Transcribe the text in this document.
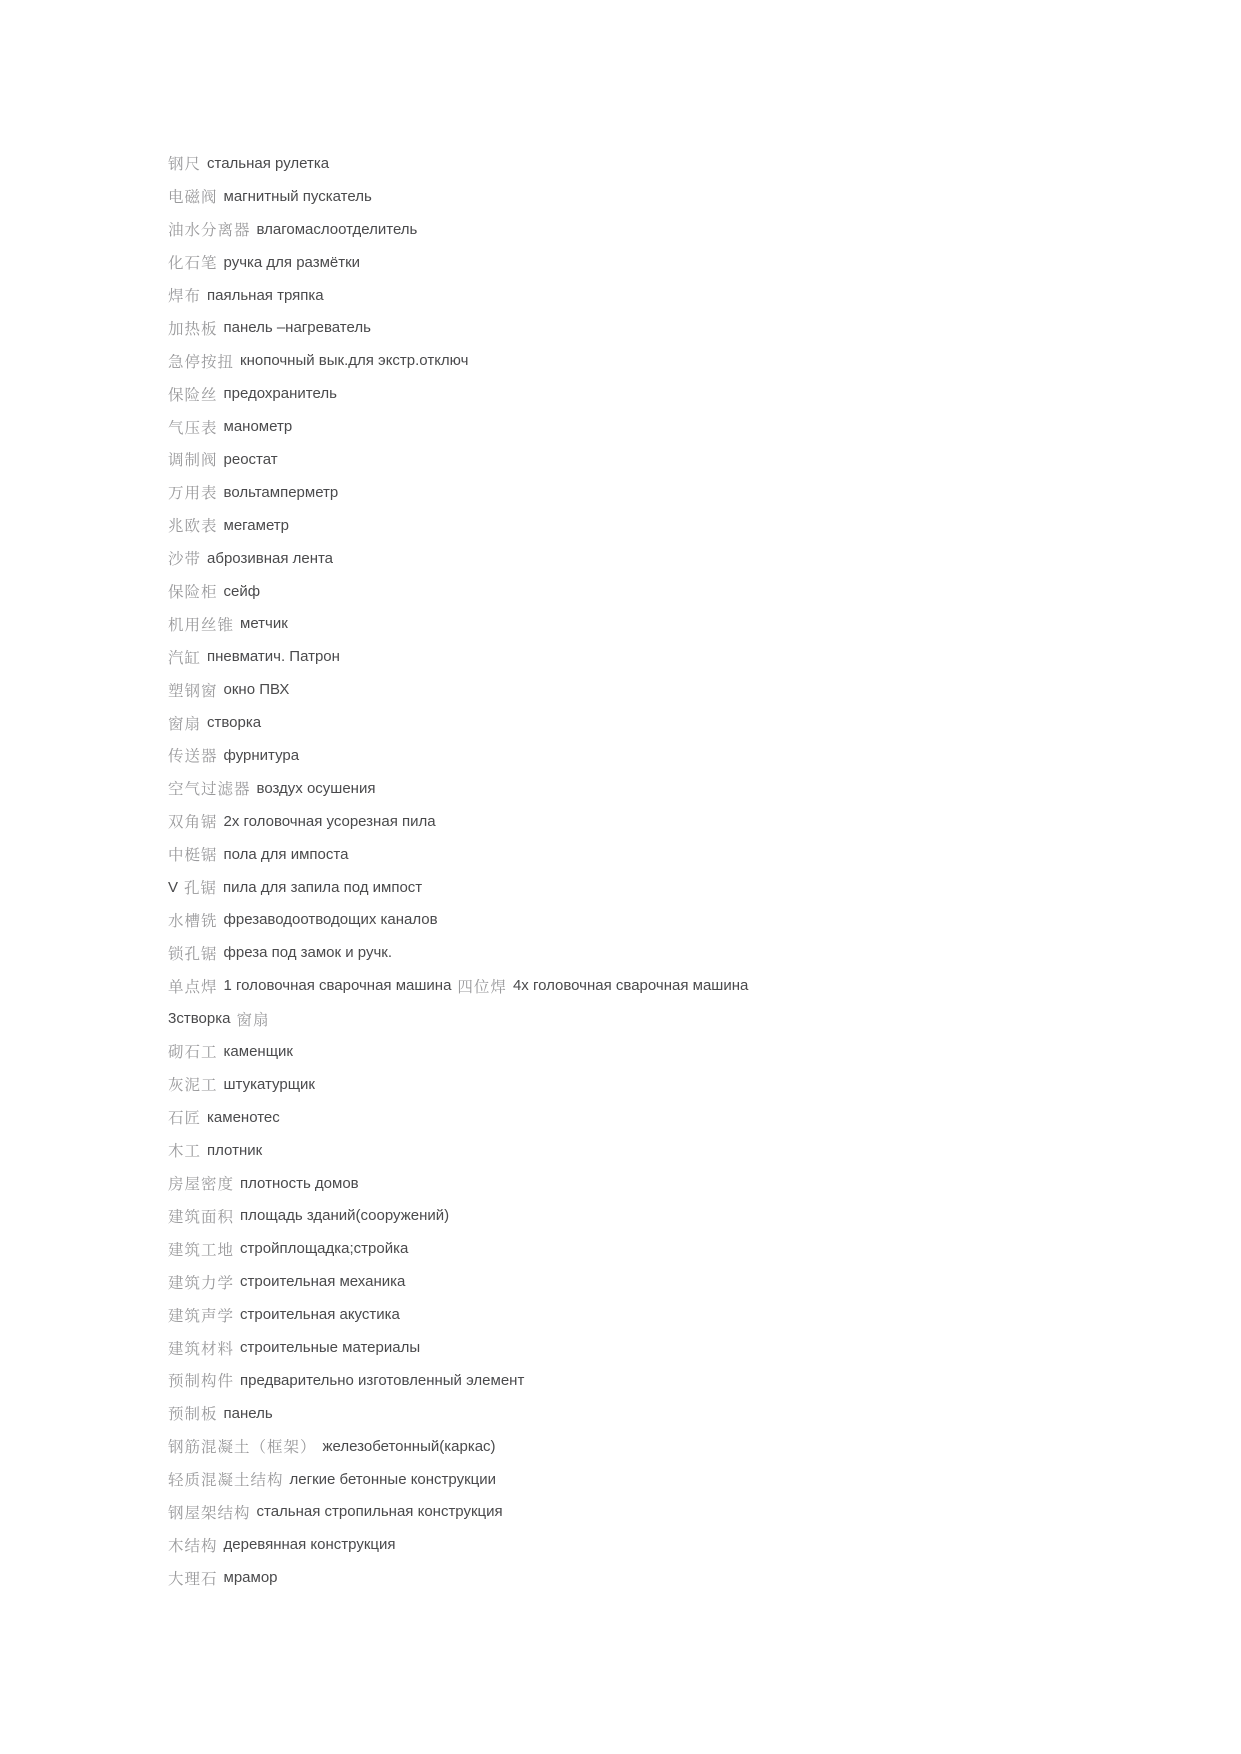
钢尺 стальная рулетка
电磁阀 магнитный пускатель
油水分离器 влагомаслоотделитель
化石笔 ручка для размётки
焊布 паяльная тряпка
加热板 панель –нагреватель
急停按扭 кнопочный вык.для экстр.отключ
保险丝 предохранитель
气压表 манометр
调制阀 реостат
万用表 вольтамперметр
兆欧表 мегаметр
沙带 аброзивная лента
保险柜 сейф
机用丝锥 метчик
汽缸 пневматич. Патрон
塑钢窗 окно ПВХ
窗扇 створка
传送器 фурнитура
空气过滤器 воздух осушения
双角锯 2х головочная усорезная пила
中梃锯 пола для импоста
V 孔锯 пила для запила под импост
水槽铣 фрезаводоотводощих каналов
锁孔锯 фреза под замок и ручк.
单点焊 1 головочная сварочная машина 四位焊 4х головочная сварочная машина
3створка 窗扇
砌石工 каменщик
灰泥工 штукатурщик
石匠 каменотес
木工 плотник
房屋密度 плотность домов
建筑面积 площадь зданий(сооружений)
建筑工地 стройплощадка;стройка
建筑力学 строительная механика
建筑声学 строительная акустика
建筑材料 строительные материалы
预制构件 предварительно изготовленный элемент
预制板 панель
钢筋混凝土（框架） железобетонный(каркас)
轻质混凝土结构 легкие бетонные конструкции
钢屋架结构 стальная стропильная конструкция
木结构 деревянная конструкция
大理石 мрамор
